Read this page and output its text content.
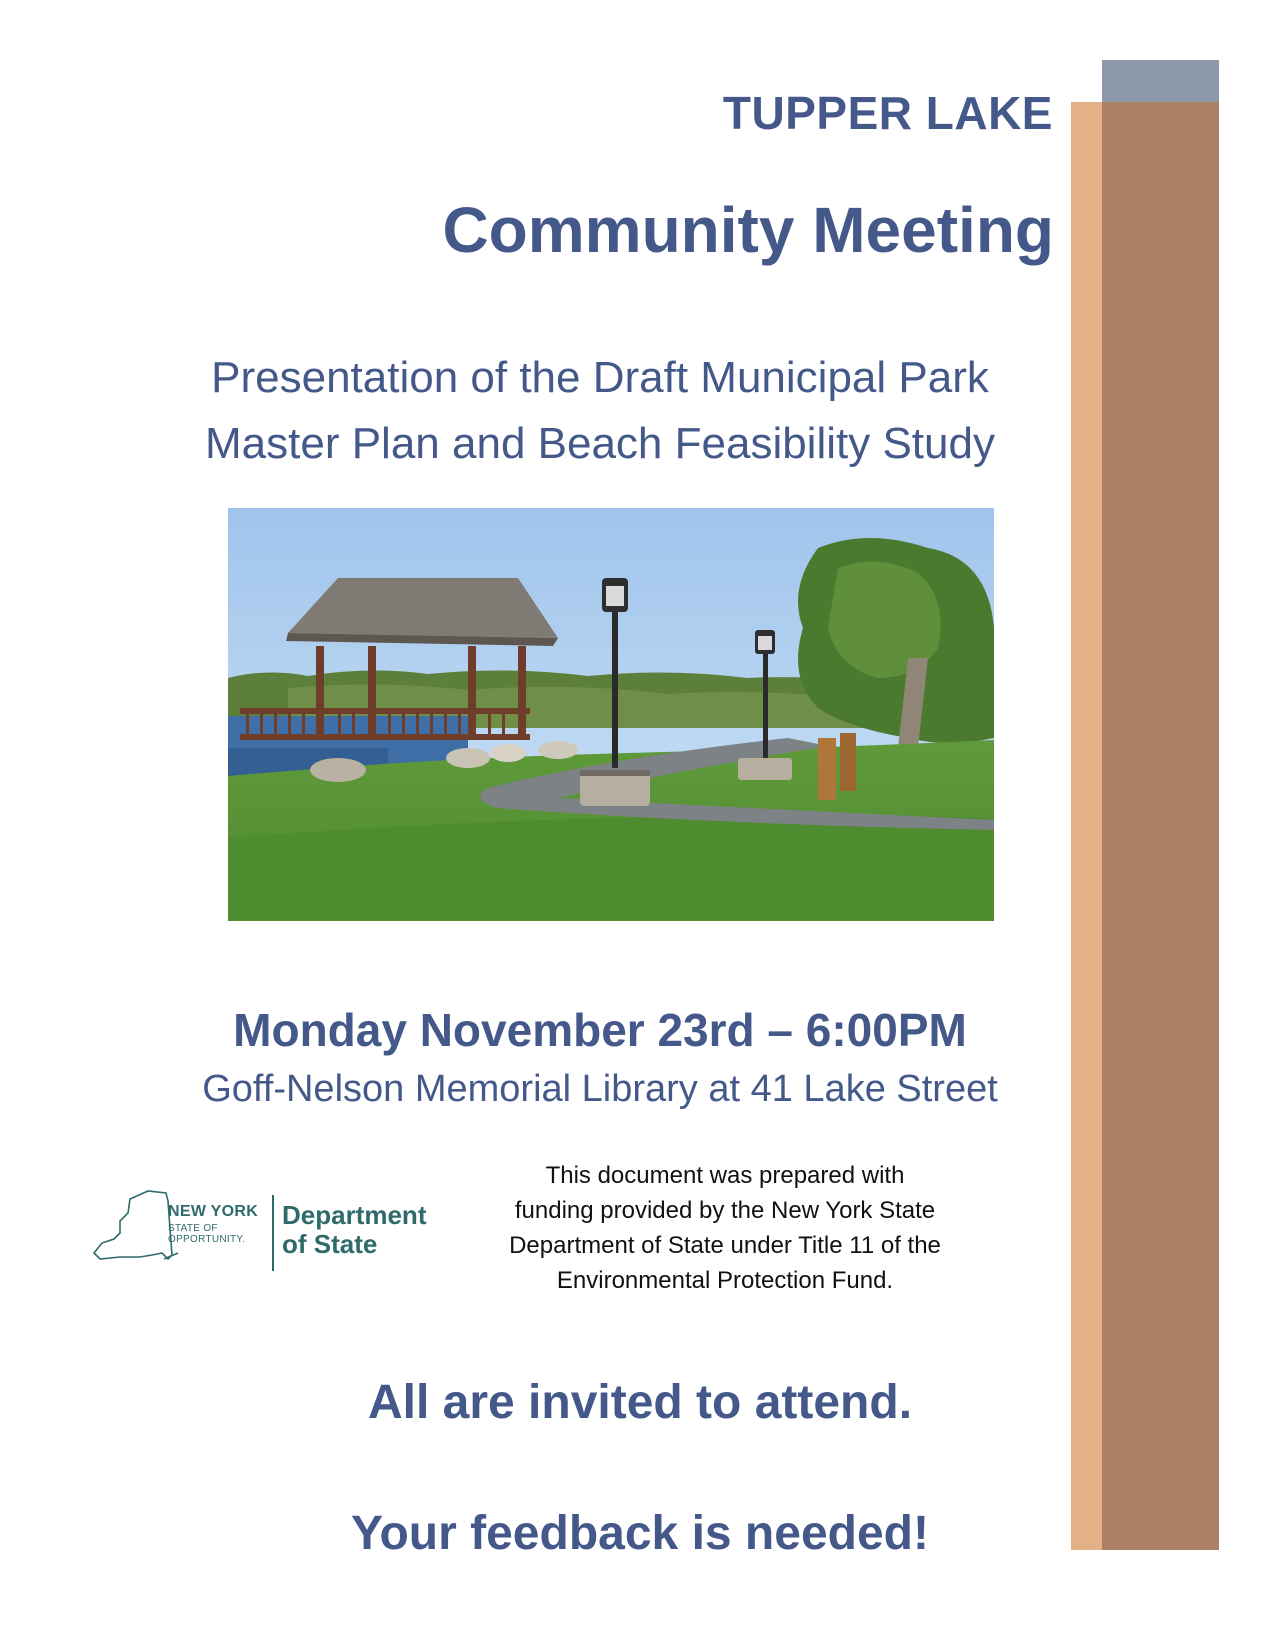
TUPPER LAKE
Community Meeting
Presentation of the Draft Municipal Park
Master Plan and Beach Feasibility Study
Monday November 23rd – 6:00PM
Goff-Nelson Memorial Library at 41 Lake Street
NEW YORK
STATE OF
OPPORTUNITY.
Department
of State
This document was prepared with
funding provided by the New York State
Department of State under Title 11 of the
Environmental Protection Fund.
All are invited to attend.
Your feedback is needed!
